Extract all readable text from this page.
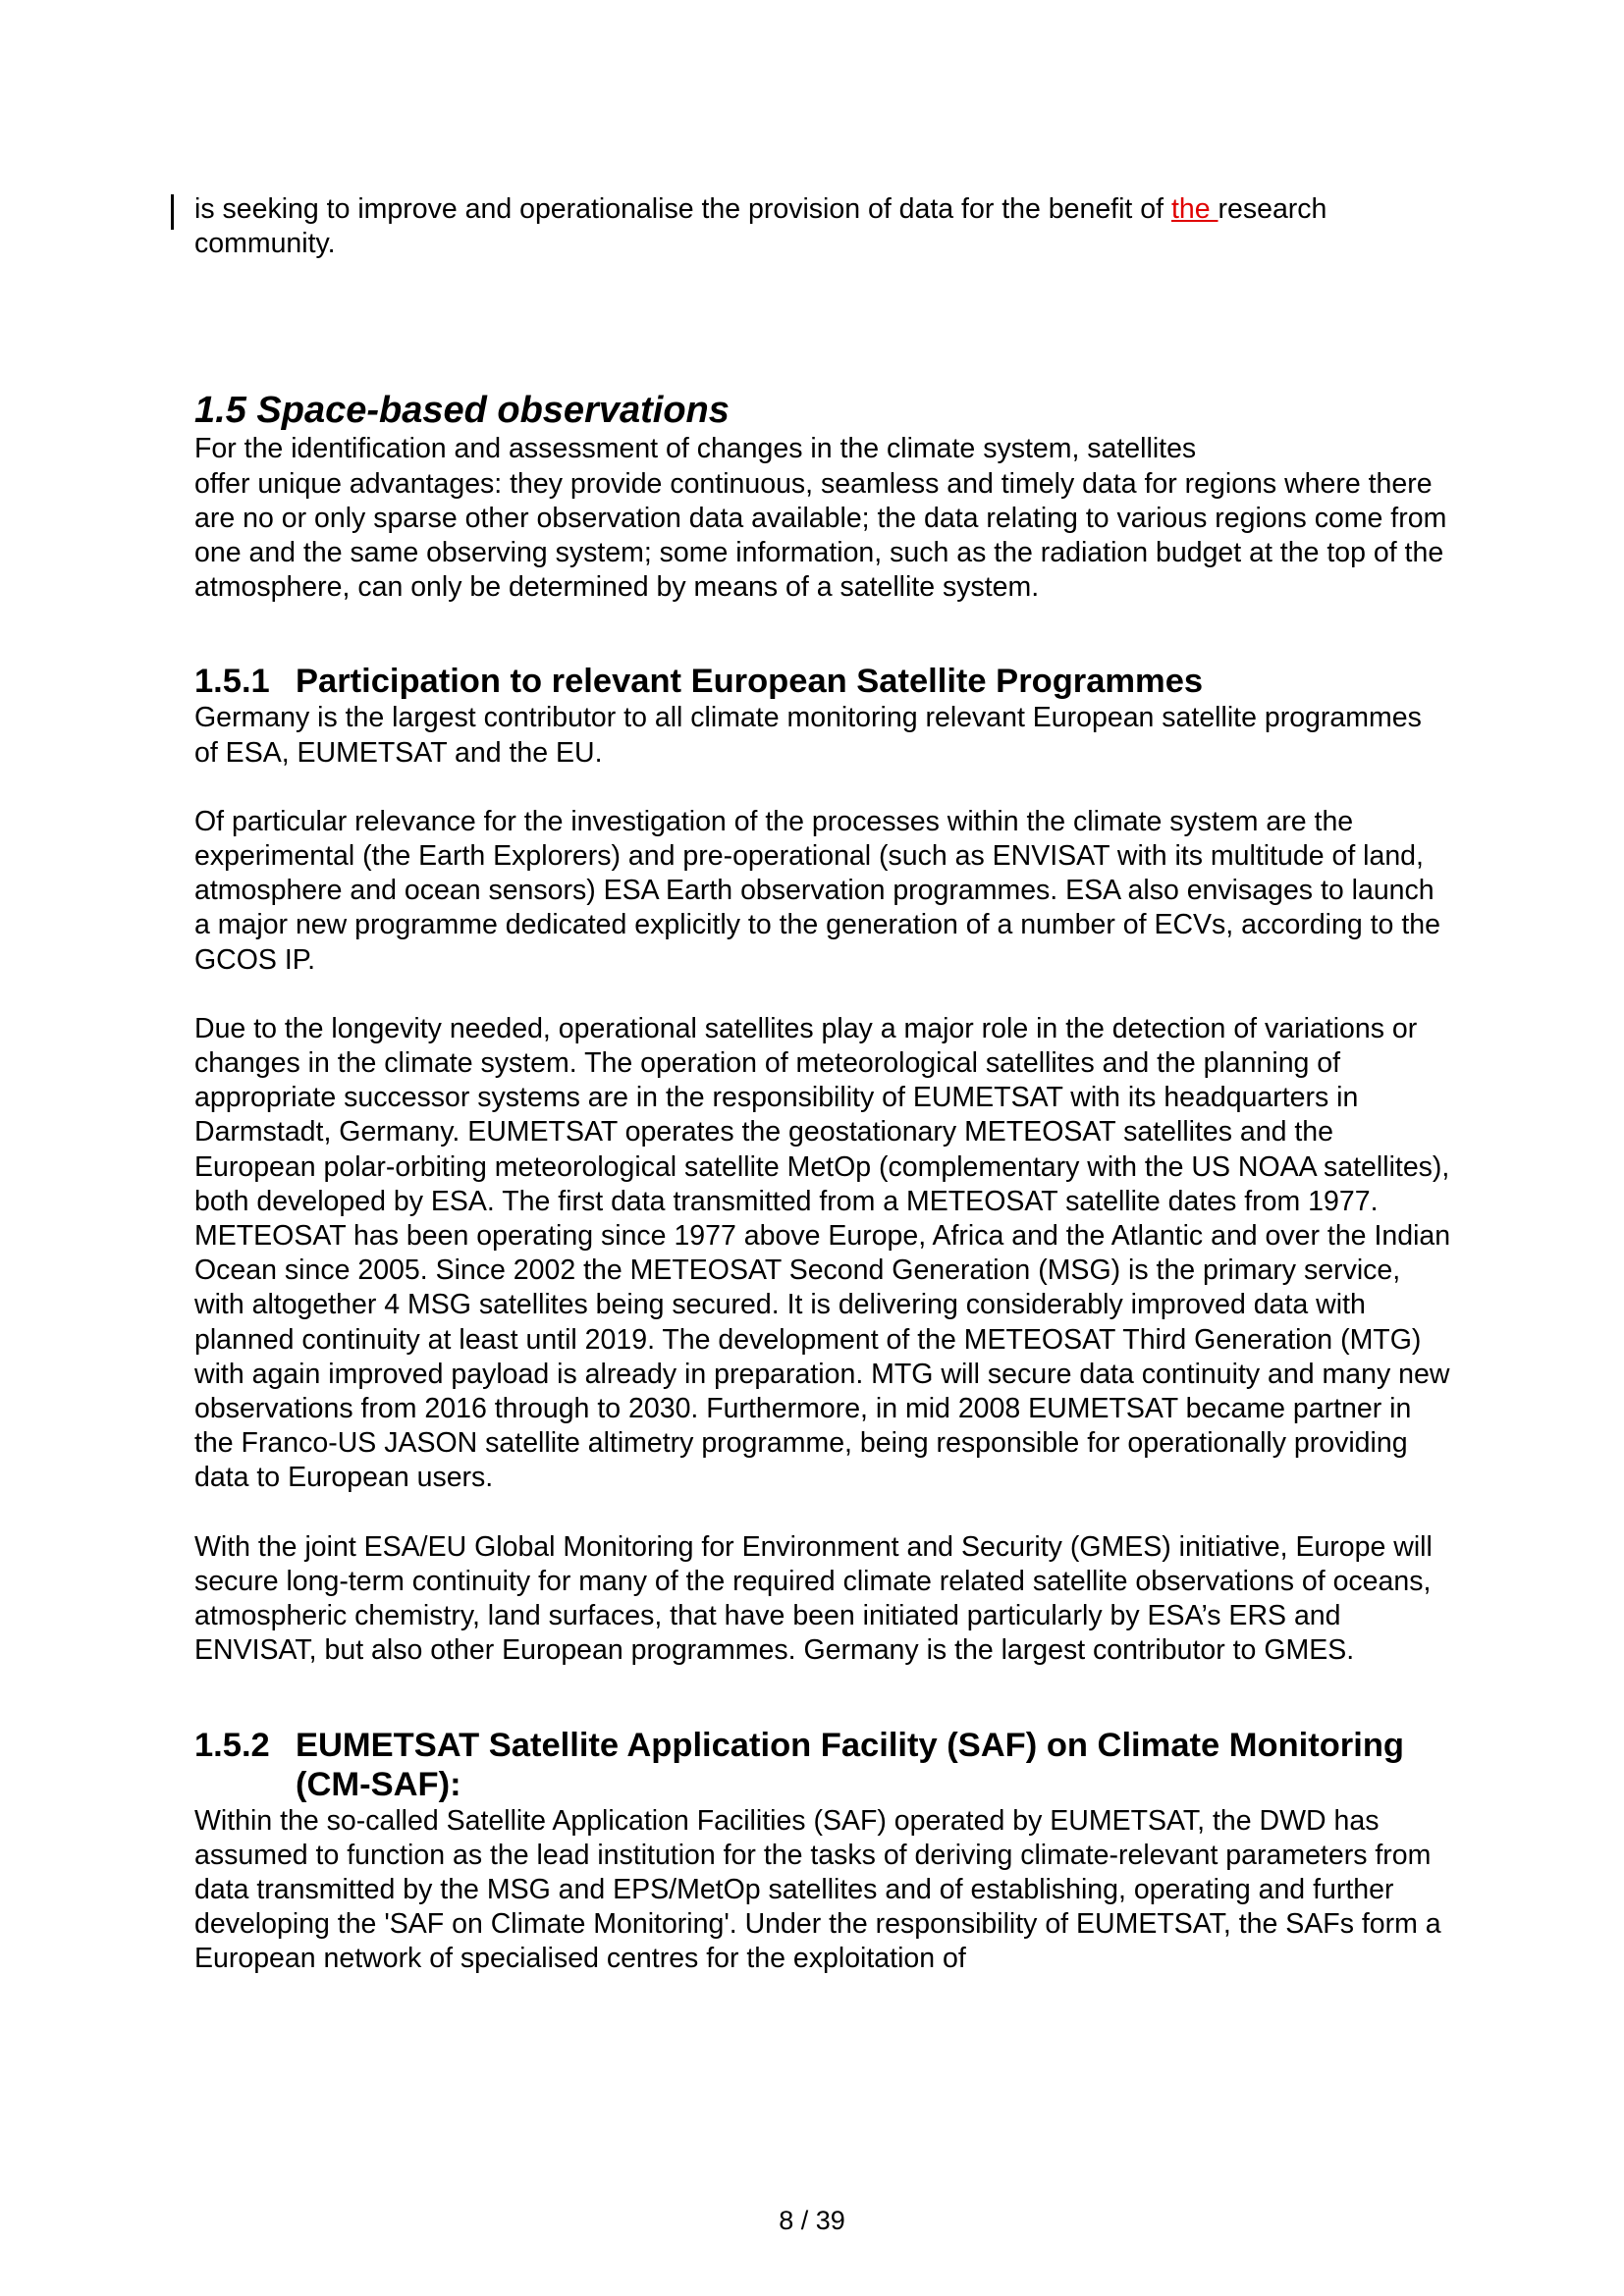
is seeking to improve and operationalise the provision of data for the benefit of the research community.

1.5 Space-based observations

For the identification and assessment of changes in the climate system, satellites
offer unique advantages: they provide continuous, seamless and timely data for regions where there are no or only sparse other observation data available; the data relating to various regions come from one and the same observing system; some information, such as the radiation budget at the top of the atmosphere, can only be determined by means of a satellite system.

1.5.1 Participation to relevant European Satellite Programmes

Germany is the largest contributor to all climate monitoring relevant European satellite programmes of ESA, EUMETSAT and the EU.

Of particular relevance for the investigation of the processes within the climate system are the experimental (the Earth Explorers) and pre-operational (such as ENVISAT with its multitude of land, atmosphere and ocean sensors) ESA Earth observation programmes. ESA also envisages to launch a major new programme dedicated explicitly to the generation of a number of ECVs, according to the GCOS IP.

Due to the longevity needed, operational satellites play a major role in the detection of variations or changes in the climate system. The operation of meteorological satellites and the planning of appropriate successor systems are in the responsibility of EUMETSAT with its headquarters in Darmstadt, Germany. EUMETSAT operates the geostationary METEOSAT satellites and the European polar-orbiting meteorological satellite MetOp (complementary with the US NOAA satellites), both developed by ESA. The first data transmitted from a METEOSAT satellite dates from 1977. METEOSAT has been operating since 1977 above Europe, Africa and the Atlantic and over the Indian Ocean since 2005. Since 2002 the METEOSAT Second Generation (MSG) is the primary service, with altogether 4 MSG satellites being secured. It is delivering considerably improved data with planned continuity at least until 2019. The development of the METEOSAT Third Generation (MTG) with again improved payload is already in preparation. MTG will secure data continuity and many new observations from 2016 through to 2030. Furthermore, in mid 2008 EUMETSAT became partner in the Franco-US JASON satellite altimetry programme, being responsible for operationally providing data to European users.

With the joint ESA/EU Global Monitoring for Environment and Security (GMES) initiative, Europe will secure long-term continuity for many of the required climate related satellite observations of oceans, atmospheric chemistry, land surfaces, that have been initiated particularly by ESA’s ERS and ENVISAT, but also other European programmes. Germany is the largest contributor to GMES.

1.5.2 EUMETSAT Satellite Application Facility (SAF) on Climate Monitoring (CM-SAF):

Within the so-called Satellite Application Facilities (SAF) operated by EUMETSAT, the DWD has assumed to function as the lead institution for the tasks of deriving climate-relevant parameters from data transmitted by the MSG and EPS/MetOp satellites and of establishing, operating and further developing the 'SAF on Climate Monitoring'. Under the responsibility of EUMETSAT, the SAFs form a European network of specialised centres for the exploitation of

8 / 39
